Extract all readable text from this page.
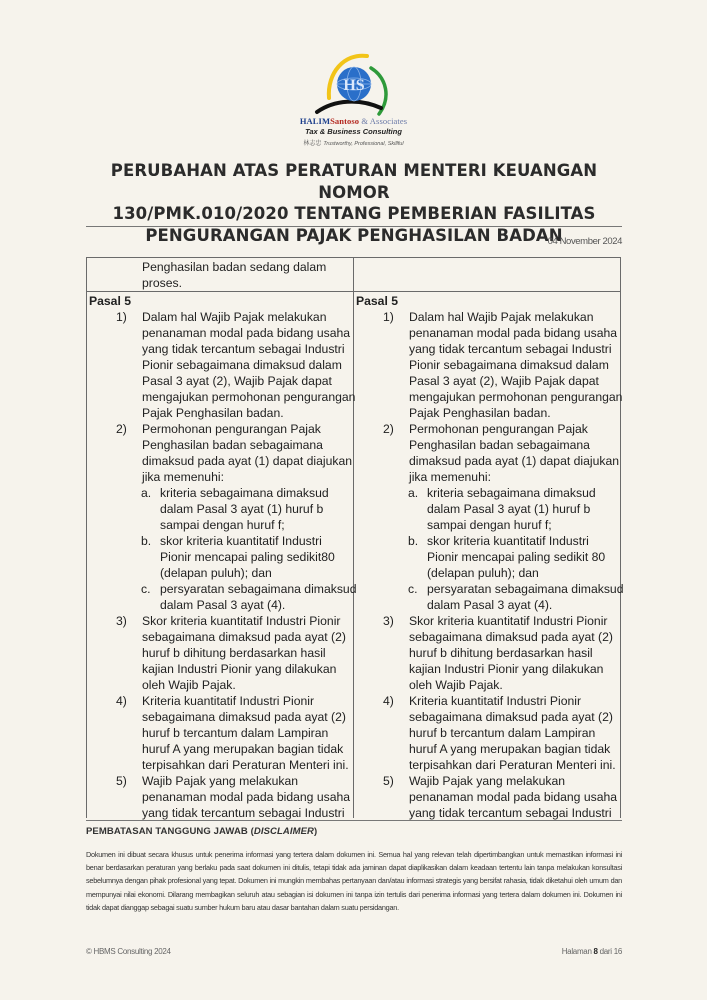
HS
HALIMSantoso & Associates
Tax & Business Consulting
林志忠 Trustworthy, Professional, Skillful
PERUBAHAN ATAS PERATURAN MENTERI KEUANGAN NOMOR
130/PMK.010/2020 TENTANG PEMBERIAN FASILITAS
PENGURANGAN PAJAK PENGHASILAN BADAN
04 November 2024
Penghasilan badan sedang dalam
proses.
Pasal 5
1) Dalam hal Wajib Pajak melakukan
penanaman modal pada bidang usaha
yang tidak tercantum sebagai Industri
Pionir sebagaimana dimaksud dalam
Pasal 3 ayat (2), Wajib Pajak dapat
mengajukan permohonan pengurangan
Pajak Penghasilan badan.
2) Permohonan pengurangan Pajak
Penghasilan badan sebagaimana
dimaksud pada ayat (1) dapat diajukan
jika memenuhi:
a. kriteria sebagaimana dimaksud
dalam Pasal 3 ayat (1) huruf b
sampai dengan huruf f;
b. skor kriteria kuantitatif Industri
Pionir mencapai paling sedikit80
(delapan puluh); dan
c. persyaratan sebagaimana dimaksud
dalam Pasal 3 ayat (4).
3) Skor kriteria kuantitatif Industri Pionir
sebagaimana dimaksud pada ayat (2)
huruf b dihitung berdasarkan hasil
kajian Industri Pionir yang dilakukan
oleh Wajib Pajak.
4) Kriteria kuantitatif Industri Pionir
sebagaimana dimaksud pada ayat (2)
huruf b tercantum dalam Lampiran
huruf A yang merupakan bagian tidak
terpisahkan dari Peraturan Menteri ini.
5) Wajib Pajak yang melakukan
penanaman modal pada bidang usaha
yang tidak tercantum sebagai Industri
Pasal 5
1) Dalam hal Wajib Pajak melakukan
penanaman modal pada bidang usaha
yang tidak tercantum sebagai Industri
Pionir sebagaimana dimaksud dalam
Pasal 3 ayat (2), Wajib Pajak dapat
mengajukan permohonan pengurangan
Pajak Penghasilan badan.
2) Permohonan pengurangan Pajak
Penghasilan badan sebagaimana
dimaksud pada ayat (1) dapat diajukan
jika memenuhi:
a. kriteria sebagaimana dimaksud
dalam Pasal 3 ayat (1) huruf b
sampai dengan huruf f;
b. skor kriteria kuantitatif Industri
Pionir mencapai paling sedikit 80
(delapan puluh); dan
c. persyaratan sebagaimana dimaksud
dalam Pasal 3 ayat (4).
3) Skor kriteria kuantitatif Industri Pionir
sebagaimana dimaksud pada ayat (2)
huruf b dihitung berdasarkan hasil
kajian Industri Pionir yang dilakukan
oleh Wajib Pajak.
4) Kriteria kuantitatif Industri Pionir
sebagaimana dimaksud pada ayat (2)
huruf b tercantum dalam Lampiran
huruf A yang merupakan bagian tidak
terpisahkan dari Peraturan Menteri ini.
5) Wajib Pajak yang melakukan
penanaman modal pada bidang usaha
yang tidak tercantum sebagai Industri
PEMBATASAN TANGGUNG JAWAB (DISCLAIMER)
Dokumen ini dibuat secara khusus untuk penerima informasi yang tertera dalam dokumen ini. Semua hal yang relevan telah dipertimbangkan untuk memastikan informasi ini benar berdasarkan peraturan yang berlaku pada saat dokumen ini ditulis, tetapi tidak ada jaminan dapat diaplikasikan dalam keadaan tertentu lain tanpa melakukan konsultasi sebelumnya dengan pihak profesional yang tepat. Dokumen ini mungkin membahas pertanyaan dan/atau informasi strategis yang bersifat rahasia, tidak diketahui oleh umum dan mempunyai nilai ekonomi. Dilarang membagikan seluruh atau sebagian isi dokumen ini tanpa izin tertulis dari penerima informasi yang tertera dalam dokumen ini. Dokumen ini tidak dapat dianggap sebagai suatu sumber hukum baru atau dasar bantahan dalam suatu persidangan.
© HBMS Consulting 2024	Halaman 8 dari 16
